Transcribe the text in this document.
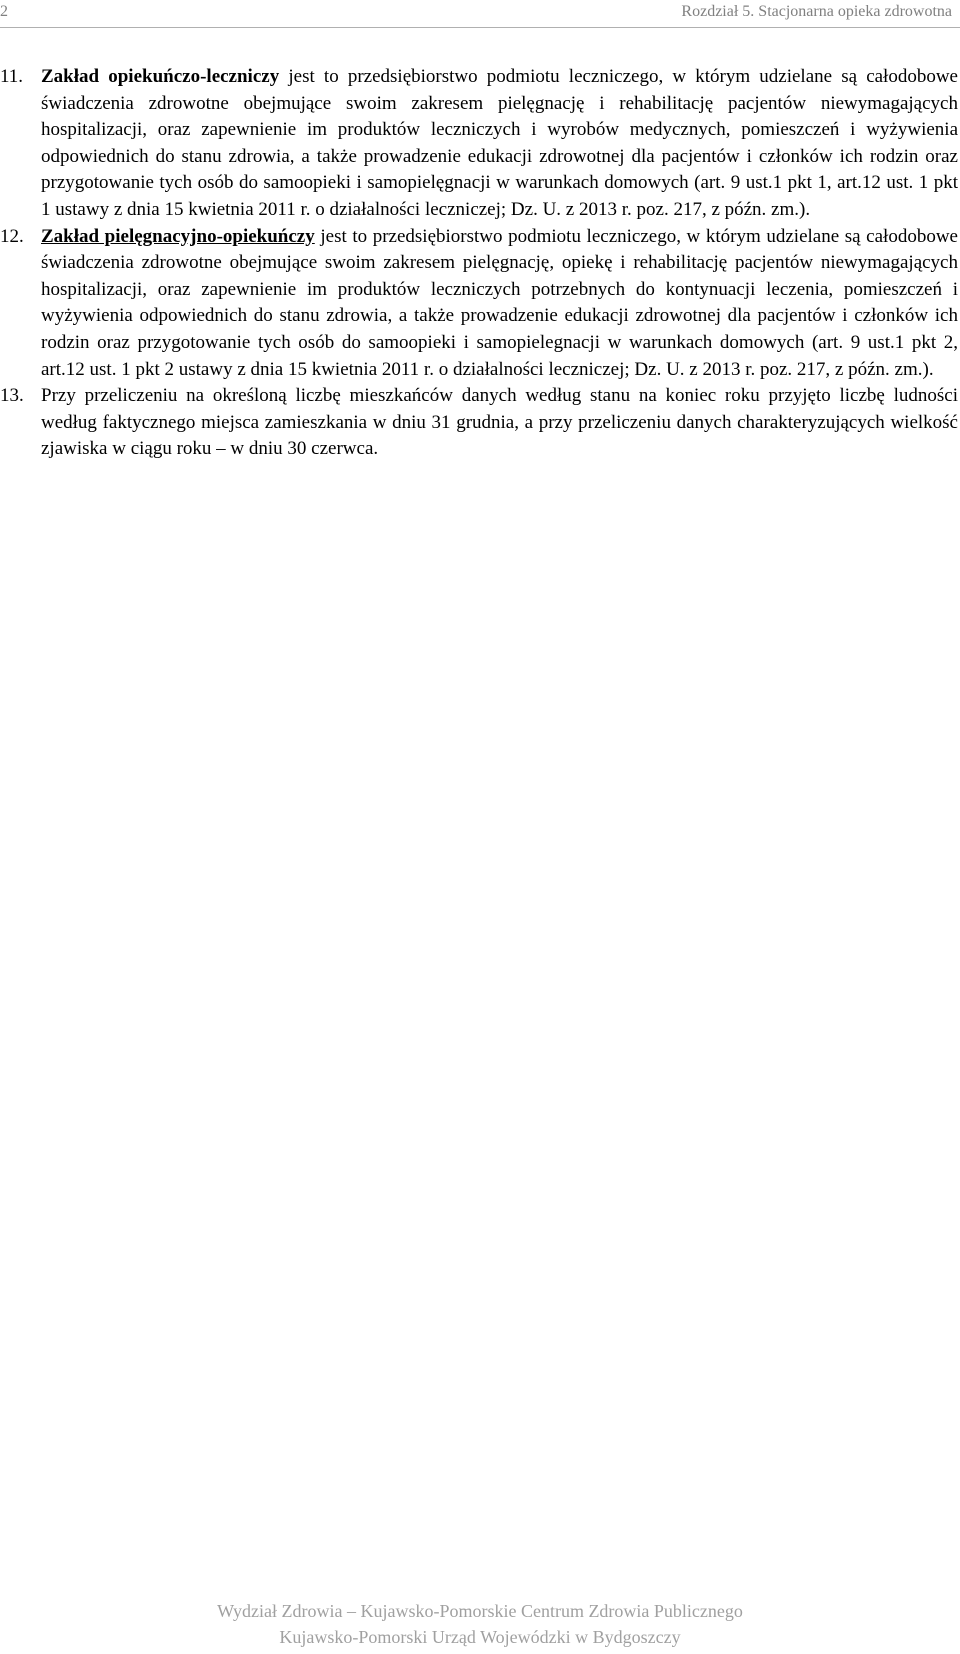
2	Rozdział 5. Stacjonarna opieka zdrowotna

11. Zakład opiekuńczo-leczniczy jest to przedsiębiorstwo podmiotu leczniczego, w którym udzielane są całodobowe świadczenia zdrowotne obejmujące swoim zakresem pielęgnację i rehabilitację pacjentów niewymagających hospitalizacji, oraz zapewnienie im produktów leczniczych i wyrobów medycznych, pomieszczeń i wyżywienia odpowiednich do stanu zdrowia, a także prowadzenie edukacji zdrowotnej dla pacjentów i członków ich rodzin oraz przygotowanie tych osób do samoopieki i samopielęgnacji w warunkach domowych (art. 9 ust.1 pkt 1, art.12 ust. 1 pkt 1 ustawy z dnia 15 kwietnia 2011 r. o działalności leczniczej; Dz. U. z 2013 r. poz. 217, z późn. zm.).

12. Zakład pielęgnacyjno-opiekuńczy jest to przedsiębiorstwo podmiotu leczniczego, w którym udzielane są całodobowe świadczenia zdrowotne obejmujące swoim zakresem pielęgnację, opiekę i rehabilitację pacjentów niewymagających hospitalizacji, oraz zapewnienie im produktów leczniczych potrzebnych do kontynuacji leczenia, pomieszczeń i wyżywienia odpowiednich do stanu zdrowia, a także prowadzenie edukacji zdrowotnej dla pacjentów i członków ich rodzin oraz przygotowanie tych osób do samoopieki i samopielegnacji w warunkach domowych (art. 9 ust.1 pkt 2, art.12 ust. 1 pkt 2 ustawy z dnia 15 kwietnia 2011 r. o działalności leczniczej; Dz. U. z 2013 r. poz. 217, z późn. zm.).

13. Przy przeliczeniu na określoną liczbę mieszkańców danych według stanu na koniec roku przyjęto liczbę ludności według faktycznego miejsca zamieszkania w dniu 31 grudnia, a przy przeliczeniu danych charakteryzujących wielkość zjawiska w ciągu roku – w dniu 30 czerwca.

Wydział Zdrowia – Kujawsko-Pomorskie Centrum Zdrowia Publicznego
Kujawsko-Pomorski Urząd Wojewódzki w Bydgoszczy
